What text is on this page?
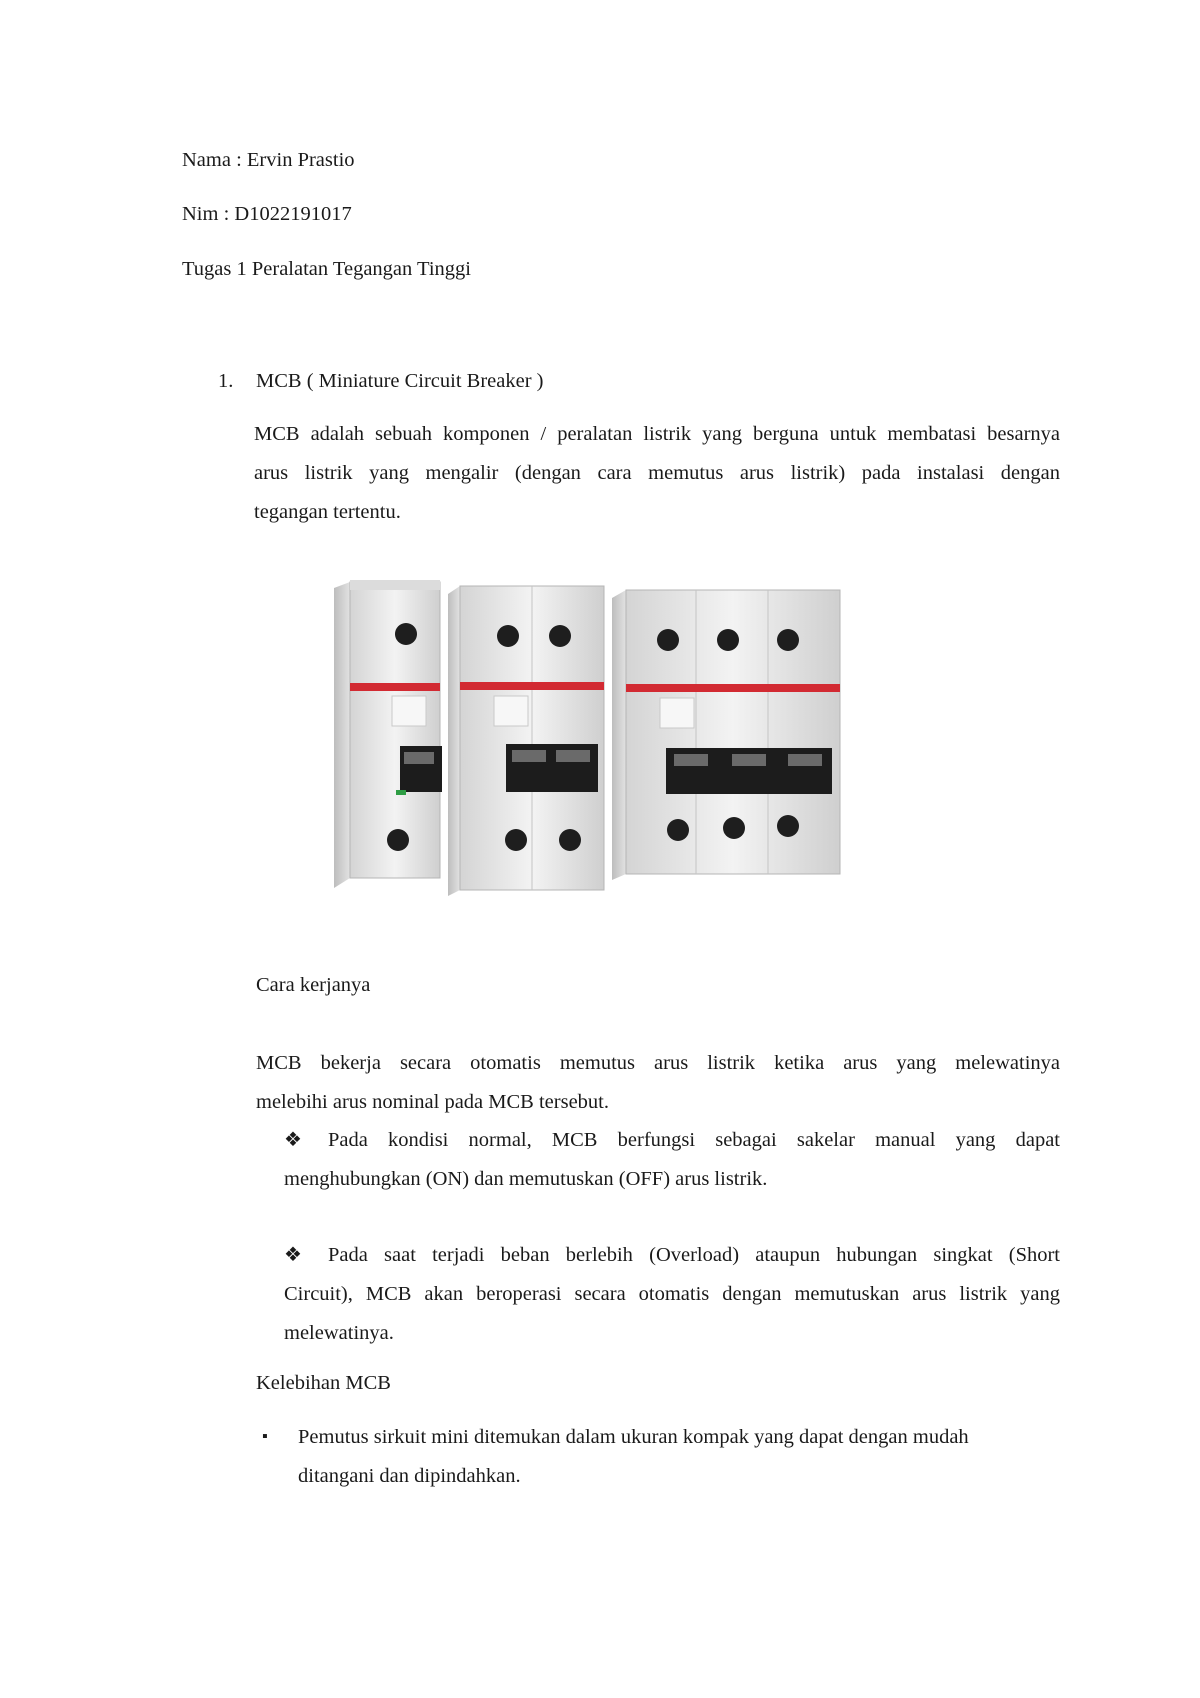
Nama : Ervin Prastio
Nim : D1022191017
Tugas 1 Peralatan Tegangan Tinggi
1. MCB ( Miniature Circuit Breaker )
MCB adalah sebuah komponen / peralatan listrik yang berguna untuk membatasi besarnya
arus listrik yang mengalir (dengan cara memutus arus listrik) pada instalasi dengan
tegangan tertentu.
Cara kerjanya
MCB bekerja secara otomatis memutus arus listrik ketika arus yang melewatinya
melebihi arus nominal pada MCB tersebut.
❖	Pada kondisi normal, MCB berfungsi sebagai sakelar manual yang dapat
menghubungkan (ON) dan memutuskan (OFF) arus listrik.
❖	Pada saat terjadi beban berlebih (Overload) ataupun hubungan singkat (Short
Circuit), MCB akan beroperasi secara otomatis dengan memutuskan arus listrik yang
melewatinya.
Kelebihan MCB
▪ Pemutus sirkuit mini ditemukan dalam ukuran kompak yang dapat dengan mudah
ditangani dan dipindahkan.
